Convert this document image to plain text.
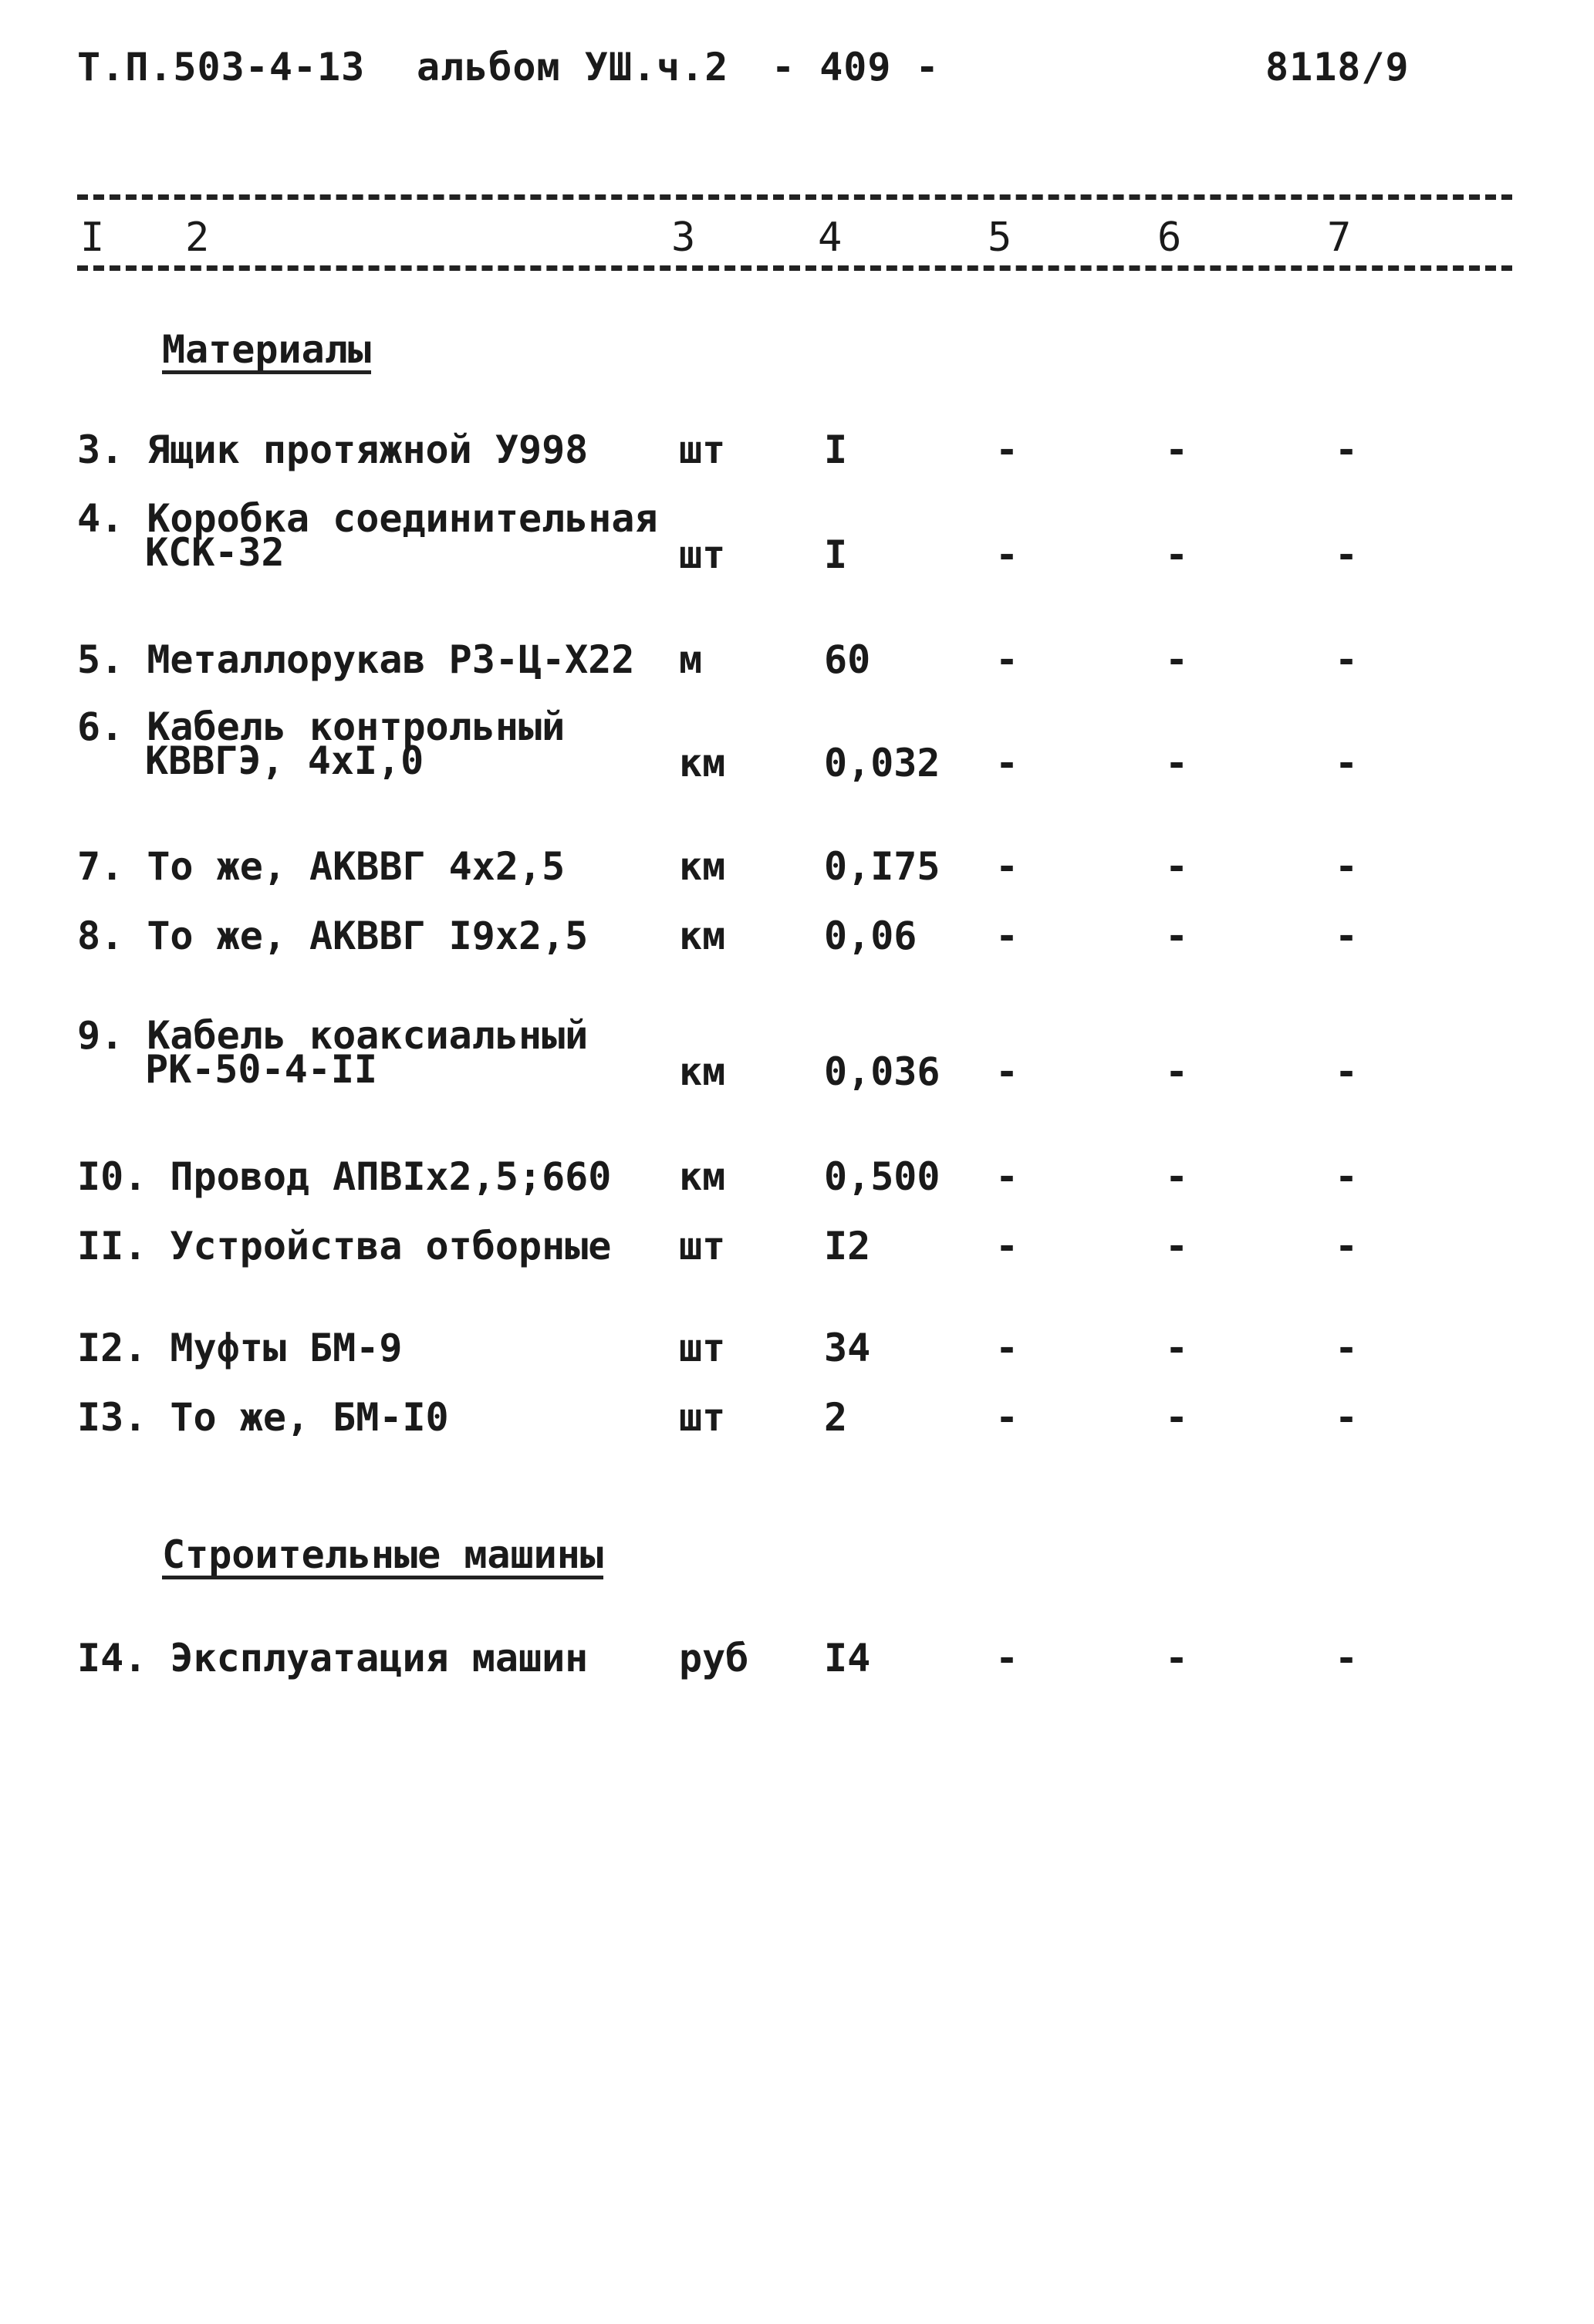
Т.П.503-4-13 альбом УШ.ч.2 - 409 -	8118/9
I 2	3	4	5	6	7
Материалы
3. Ящик протяжной У998 шт	I	-	-	-
4. Коробка соединительная
КСК-32	шт	I	-	-	-
5. Металлорукав РЗ-Ц-Х22 м	60	-	-	-
6. Кабель контрольный
КВВГЭ, 4хI,0	км	0,032 -	-	-
7. То же, АКВВГ 4х2,5	км	0,I75 -	-	-
8. То же, АКВВГ I9х2,5 км	0,06 -	-	-
9. Кабель коаксиальный
РК-50-4-II	км	0,036 -	-	-
I0. Провод АПВIх2,5;660 км	0,500 -	-	-
II. Устройства отборные шт	I2	-	-	-
I2. Муфты БМ-9	шт	34	-	-	-
I3. То же, БМ-I0	шт	2	-	-	-
Строительные машины
I4. Эксплуатация машин руб I4	-	-	-
